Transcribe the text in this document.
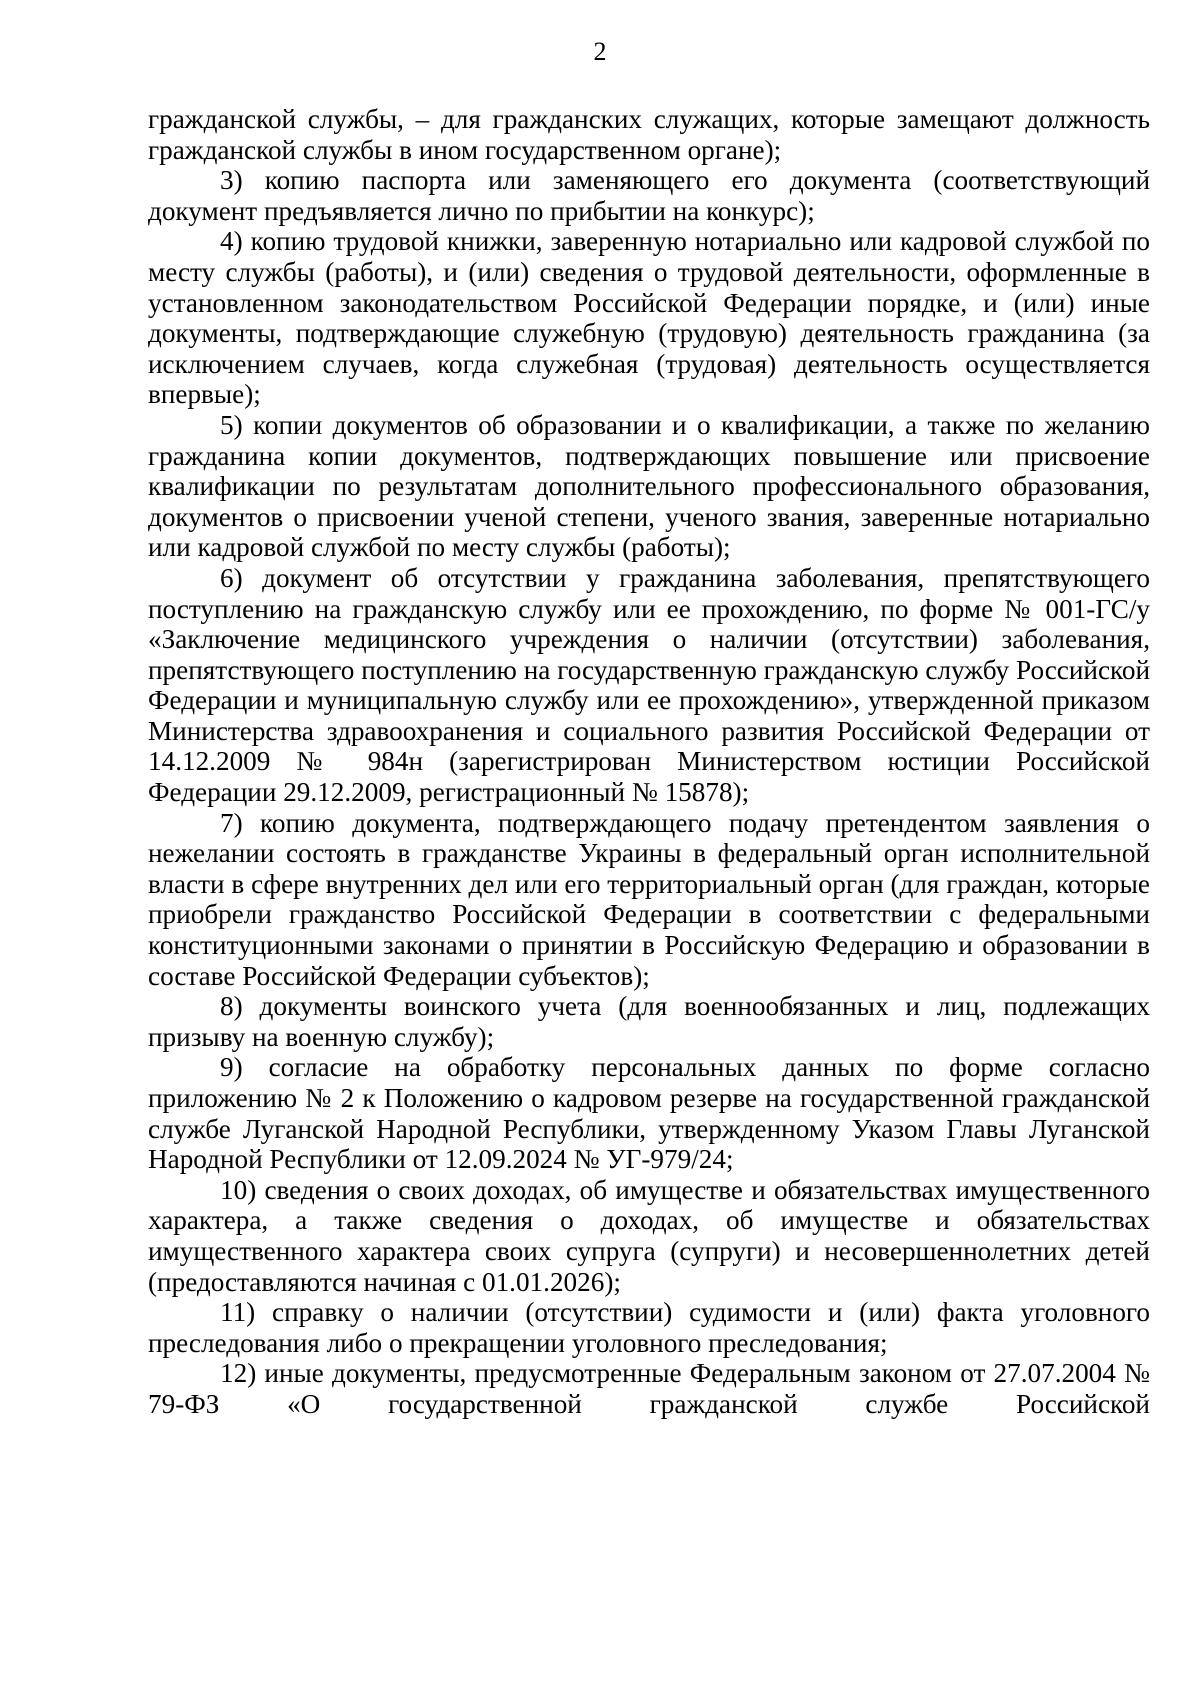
2

гражданской службы, – для гражданских служащих, которые замещают должность гражданской службы в ином государственном органе);

3) копию паспорта или заменяющего его документа (соответствующий документ предъявляется лично по прибытии на конкурс);

4) копию трудовой книжки, заверенную нотариально или кадровой службой по месту службы (работы), и (или) сведения о трудовой деятельности, оформленные в установленном законодательством Российской Федерации порядке, и (или) иные документы, подтверждающие служебную (трудовую) деятельность гражданина (за исключением случаев, когда служебная (трудовая) деятельность осуществляется впервые);

5) копии документов об образовании и о квалификации, а также по желанию гражданина копии документов, подтверждающих повышение или присвоение квалификации по результатам дополнительного профессионального образования, документов о присвоении ученой степени, ученого звания, заверенные нотариально или кадровой службой по месту службы (работы);

6) документ об отсутствии у гражданина заболевания, препятствующего поступлению на гражданскую службу или ее прохождению, по форме № 001-ГС/у «Заключение медицинского учреждения о наличии (отсутствии) заболевания, препятствующего поступлению на государственную гражданскую службу Российской Федерации и муниципальную службу или ее прохождению», утвержденной приказом Министерства здравоохранения и социального развития Российской Федерации от 14.12.2009 № 984н (зарегистрирован Министерством юстиции Российской Федерации 29.12.2009, регистрационный № 15878);

7) копию документа, подтверждающего подачу претендентом заявления о нежелании состоять в гражданстве Украины в федеральный орган исполнительной власти в сфере внутренних дел или его территориальный орган (для граждан, которые приобрели гражданство Российской Федерации в соответствии с федеральными конституционными законами о принятии в Российскую Федерацию и образовании в составе Российской Федерации субъектов);

8) документы воинского учета (для военнообязанных и лиц, подлежащих призыву на военную службу);

9) согласие на обработку персональных данных по форме согласно приложению № 2 к Положению о кадровом резерве на государственной гражданской службе Луганской Народной Республики, утвержденному Указом Главы Луганской Народной Республики от 12.09.2024 № УГ-979/24;

10) сведения о своих доходах, об имуществе и обязательствах имущественного характера, а также сведения о доходах, об имуществе и обязательствах имущественного характера своих супруга (супруги) и несовершеннолетних детей (предоставляются начиная с 01.01.2026);

11) справку о наличии (отсутствии) судимости и (или) факта уголовного преследования либо о прекращении уголовного преследования;

12) иные документы, предусмотренные Федеральным законом от 27.07.2004 № 79-ФЗ «О государственной гражданской службе Российской
